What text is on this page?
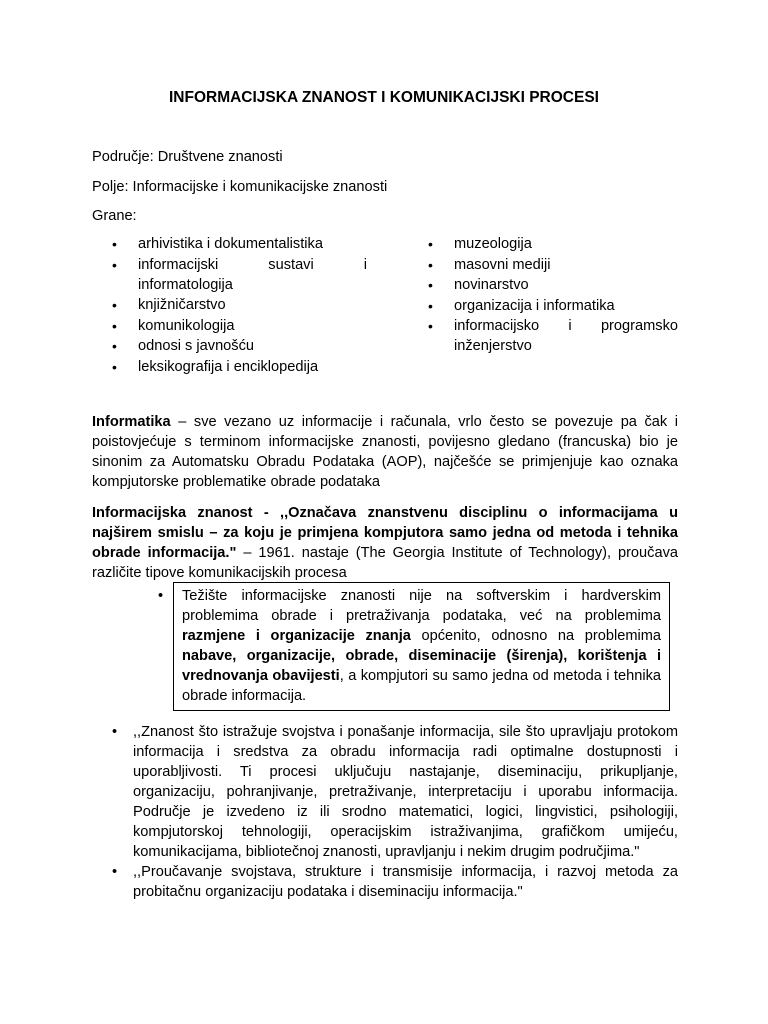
INFORMACIJSKA ZNANOST I KOMUNIKACIJSKI PROCESI

Područje: Društvene znanosti

Polje: Informacijske i komunikacijske znanosti

Grane:

• arhivistika i dokumentalistika
• informacijski sustavi i
informatologija
• knjižničarstvo
• komunikologija
• odnosi s javnošću
• leksikografija i enciklopedija
• muzeologija
• masovni mediji
• novinarstvo
• organizacija i informatika
• informacijsko i programsko
inženjerstvo

Informatika – sve vezano uz informacije i računala, vrlo često se povezuje pa čak i poistovjećuje s terminom informacijske znanosti, povijesno gledano (francuska) bio je sinonim za Automatsku Obradu Podataka (AOP), najčešće se primjenjuje kao oznaka kompjutorske problematike obrade podataka

Informacijska znanost - ,,Označava znanstvenu disciplinu o informacijama u najširem smislu – za koju je primjena kompjutora samo jedna od metoda i tehnika obrade informacija." – 1961. nastaje (The Georgia Institute of Technology), proučava različite tipove komunikacijskih procesa

•	Težište informacijske znanosti nije na softverskim i hardverskim problemima obrade i pretraživanja podataka, već na problemima razmjene i organizacije znanja općenito, odnosno na problemima nabave, organizacije, obrade, diseminacije (širenja), korištenja i vrednovanja obavijesti, a kompjutori su samo jedna od metoda i tehnika obrade informacija.
• ,,Znanost što istražuje svojstva i ponašanje informacija, sile što upravljaju protokom informacija i sredstva za obradu informacija radi optimalne dostupnosti i uporabljivosti. Ti procesi uključuju nastajanje, diseminaciju, prikupljanje, organizaciju, pohranjivanje, pretraživanje, interpretaciju i uporabu informacija. Područje je izvedeno iz ili srodno matematici, logici, lingvistici, psihologiji, kompjutorskoj tehnologiji, operacijskim istraživanjima, grafičkom umijeću, komunikacijama, bibliotečnoj znanosti, upravljanju i nekim drugim područjima."
• ,,Proučavanje svojstava, strukture i transmisije informacija, i razvoj metoda za probitačnu organizaciju podataka i diseminaciju informacija."
